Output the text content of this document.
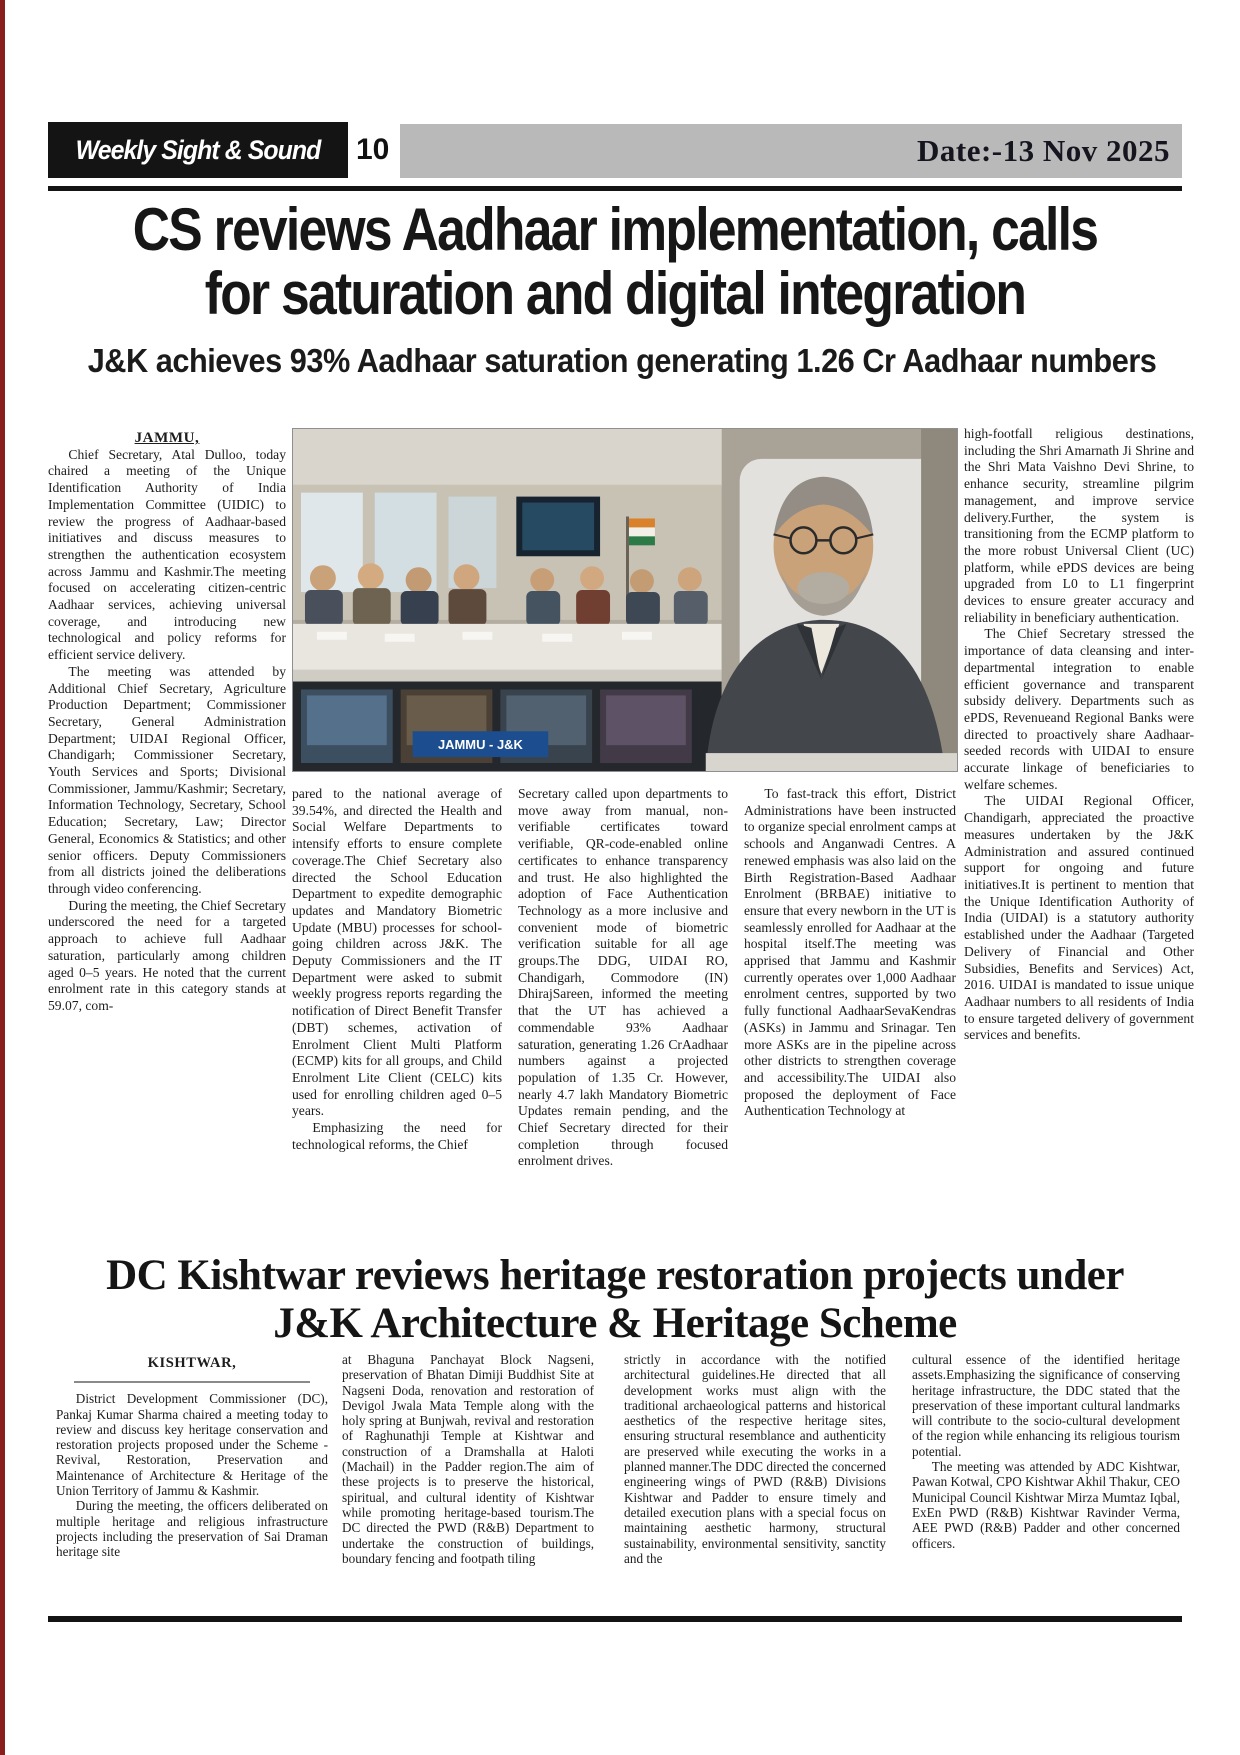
Weekly Sight & Sound 10	Date:-13 Nov 2025
CS reviews Aadhaar implementation, calls
for saturation and digital integration
J&K achieves 93% Aadhaar saturation generating 1.26 Cr Aadhaar numbers
JAMMU - J&K

JAMMU,

Chief Secretary, Atal Dulloo, today chaired a meeting of the Unique Identification Authority of India Implementation Committee (UIDIC) to review the progress of Aadhaar-based initiatives and discuss measures to strengthen the authentication ecosystem across Jammu and Kashmir.The meeting focused on accelerating citizen-centric Aadhaar services, achieving universal coverage, and introducing new technological and policy reforms for efficient service delivery.

The meeting was attended by Additional Chief Secretary, Agriculture Production Department; Commissioner Secretary, General Administration Department; UIDAI Regional Officer, Chandigarh; Commissioner Secretary, Youth Services and Sports; Divisional Commissioner, Jammu/Kashmir; Secretary, Information Technology, Secretary, School Education; Secretary, Law; Director General, Economics & Statistics; and other senior officers. Deputy Commissioners from all districts joined the deliberations through video conferencing.

During the meeting, the Chief Secretary underscored the need for a targeted approach to achieve full Aadhaar saturation, particularly among children aged 0–5 years. He noted that the current enrolment rate in this category stands at 59.07, com-

pared to the national average of 39.54%, and directed the Health and Social Welfare Departments to intensify efforts to ensure complete coverage.The Chief Secretary also directed the School Education Department to expedite demographic updates and Mandatory Biometric Update (MBU) processes for school-going children across J&K. The Deputy Commissioners and the IT Department were asked to submit weekly progress reports regarding the notification of Direct Benefit Transfer (DBT) schemes, activation of Enrolment Client Multi Platform (ECMP) kits for all groups, and Child Enrolment Lite Client (CELC) kits used for enrolling children aged 0–5 years.

Emphasizing the need for technological reforms, the Chief

Secretary called upon departments to move away from manual, non-verifiable certificates toward verifiable, QR-code-enabled online certificates to enhance transparency and trust. He also highlighted the adoption of Face Authentication Technology as a more inclusive and convenient mode of biometric verification suitable for all age groups.The DDG, UIDAI RO, Chandigarh, Commodore (IN) DhirajSareen, informed the meeting that the UT has achieved a commendable 93% Aadhaar saturation, generating 1.26 CrAadhaar numbers against a projected population of 1.35 Cr. However, nearly 4.7 lakh Mandatory Biometric Updates remain pending, and the Chief Secretary directed for their completion through focused enrolment drives.

To fast-track this effort, District Administrations have been instructed to organize special enrolment camps at schools and Anganwadi Centres. A renewed emphasis was also laid on the Birth Registration-Based Aadhaar Enrolment (BRBAE) initiative to ensure that every newborn in the UT is seamlessly enrolled for Aadhaar at the hospital itself.The meeting was apprised that Jammu and Kashmir currently operates over 1,000 Aadhaar enrolment centres, supported by two fully functional AadhaarSevaKendras (ASKs) in Jammu and Srinagar. Ten more ASKs are in the pipeline across other districts to strengthen coverage and accessibility.The UIDAI also proposed the deployment of Face Authentication Technology at

high-footfall religious destinations, including the Shri Amarnath Ji Shrine and the Shri Mata Vaishno Devi Shrine, to enhance security, streamline pilgrim management, and improve service delivery.Further, the system is transitioning from the ECMP platform to the more robust Universal Client (UC) platform, while ePDS devices are being upgraded from L0 to L1 fingerprint devices to ensure greater accuracy and reliability in beneficiary authentication.

The Chief Secretary stressed the importance of data cleansing and inter-departmental integration to enable efficient governance and transparent subsidy delivery. Departments such as ePDS, Revenueand Regional Banks were directed to proactively share Aadhaar-seeded records with UIDAI to ensure accurate linkage of beneficiaries to welfare schemes.

The UIDAI Regional Officer, Chandigarh, appreciated the proactive measures undertaken by the J&K Administration and assured continued support for ongoing and future initiatives.It is pertinent to mention that the Unique Identification Authority of India (UIDAI) is a statutory authority established under the Aadhaar (Targeted Delivery of Financial and Other Subsidies, Benefits and Services) Act, 2016. UIDAI is mandated to issue unique Aadhaar numbers to all residents of India to ensure targeted delivery of government services and benefits.

DC Kishtwar reviews heritage restoration projects under
J&K Architecture & Heritage Scheme
KISHTWAR,

District Development Commissioner (DC), Pankaj Kumar Sharma chaired a meeting today to review and discuss key heritage conservation and restoration projects proposed under the Scheme - Revival, Restoration, Preservation and Maintenance of Architecture & Heritage of the Union Territory of Jammu & Kashmir.

During the meeting, the officers deliberated on multiple heritage and religious infrastructure projects including the preservation of Sai Draman heritage site

at Bhaguna Panchayat Block Nagseni, preservation of Bhatan Dimiji Buddhist Site at Nagseni Doda, renovation and restoration of Devigol Jwala Mata Temple along with the holy spring at Bunjwah, revival and restoration of Raghunathji Temple at Kishtwar and construction of a Dramshalla at Haloti (Machail) in the Padder region.The aim of these projects is to preserve the historical, spiritual, and cultural identity of Kishtwar while promoting heritage-based tourism.The DC directed the PWD (R&B) Department to undertake the construction of buildings, boundary fencing and footpath tiling

strictly in accordance with the notified architectural guidelines.He directed that all development works must align with the traditional archaeological patterns and historical aesthetics of the respective heritage sites, ensuring structural resemblance and authenticity are preserved while executing the works in a planned manner.The DDC directed the concerned engineering wings of PWD (R&B) Divisions Kishtwar and Padder to ensure timely and detailed execution plans with a special focus on maintaining aesthetic harmony, structural sustainability, environmental sensitivity, sanctity and the

cultural essence of the identified heritage assets.Emphasizing the significance of conserving heritage infrastructure, the DDC stated that the preservation of these important cultural landmarks will contribute to the socio-cultural development of the region while enhancing its religious tourism potential.

The meeting was attended by ADC Kishtwar, Pawan Kotwal, CPO Kishtwar Akhil Thakur, CEO Municipal Council Kishtwar Mirza Mumtaz Iqbal, ExEn PWD (R&B) Kishtwar Ravinder Verma, AEE PWD (R&B) Padder and other concerned officers.
